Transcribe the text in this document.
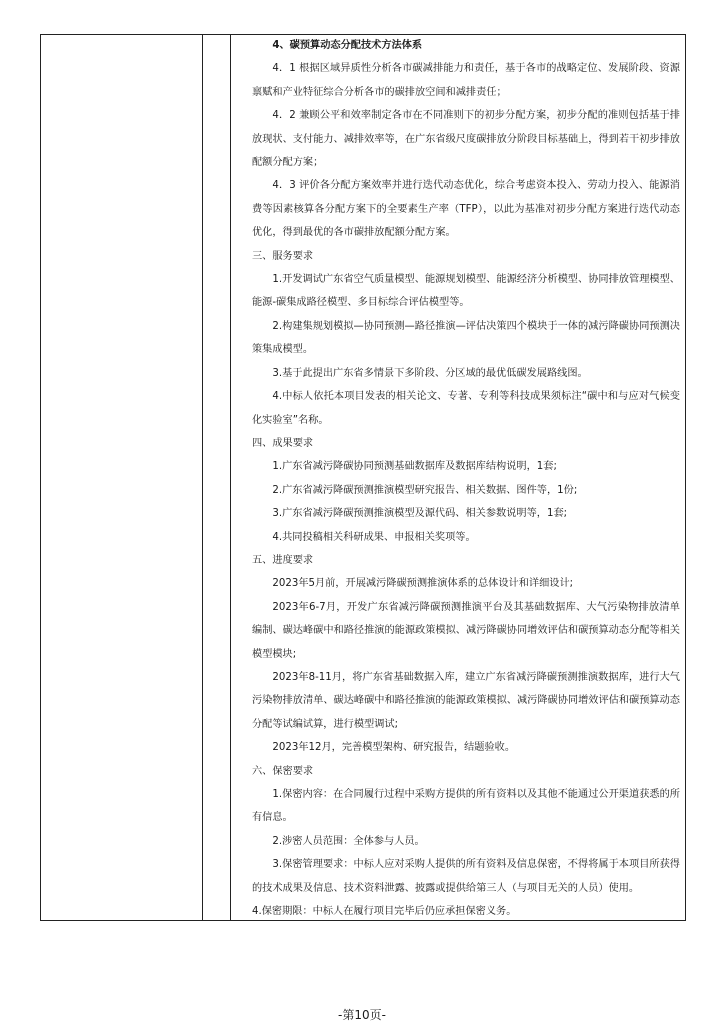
4、碳预算动态分配技术方法体系

4．1 根据区域异质性分析各市碳减排能力和责任，基于各市的战略定位、发展阶段、资源禀赋和产业特征综合分析各市的碳排放空间和减排责任；

4．2 兼顾公平和效率制定各市在不同准则下的初步分配方案，初步分配的准则包括基于排放现状、支付能力、减排效率等，在广东省级尺度碳排放分阶段目标基础上，得到若干初步排放配额分配方案；

4．3 评价各分配方案效率并进行迭代动态优化，综合考虑资本投入、劳动力投入、能源消费等因素核算各分配方案下的全要素生产率（TFP），以此为基准对初步分配方案进行迭代动态优化，得到最优的各市碳排放配额分配方案。

三、服务要求

1.开发调试广东省空气质量模型、能源规划模型、能源经济分析模型、协同排放管理模型、能源-碳集成路径模型、多目标综合评估模型等。

2.构建集规划模拟—协同预测—路径推演—评估决策四个模块于一体的减污降碳协同预测决策集成模型。

3.基于此提出广东省多情景下多阶段、分区域的最优低碳发展路线图。

4.中标人依托本项目发表的相关论文、专著、专利等科技成果须标注“碳中和与应对气候变化实验室”名称。

四、成果要求

1.广东省减污降碳协同预测基础数据库及数据库结构说明，1套;

2.广东省减污降碳预测推演模型研究报告、相关数据、图件等，1份;

3.广东省减污降碳预测推演模型及源代码、相关参数说明等，1套;

4.共同投稿相关科研成果、申报相关奖项等。

五、进度要求

2023年5月前，开展减污降碳预测推演体系的总体设计和详细设计;

2023年6-7月，开发广东省减污降碳预测推演平台及其基础数据库、大气污染物排放清单编制、碳达峰碳中和路径推演的能源政策模拟、减污降碳协同增效评估和碳预算动态分配等相关模型模块;

2023年8-11月，将广东省基础数据入库，建立广东省减污降碳预测推演数据库，进行大气污染物排放清单、碳达峰碳中和路径推演的能源政策模拟、减污降碳协同增效评估和碳预算动态分配等试编试算，进行模型调试;

2023年12月，完善模型架构、研究报告，结题验收。

六、保密要求

1.保密内容：在合同履行过程中采购方提供的所有资料以及其他不能通过公开渠道获悉的所有信息。

2.涉密人员范围：全体参与人员。

3.保密管理要求：中标人应对采购人提供的所有资料及信息保密，不得将属于本项目所获得的技术成果及信息、技术资料泄露、披露或提供给第三人（与项目无关的人员）使用。

4.保密期限：中标人在履行项目完毕后仍应承担保密义务。

-第10页-
